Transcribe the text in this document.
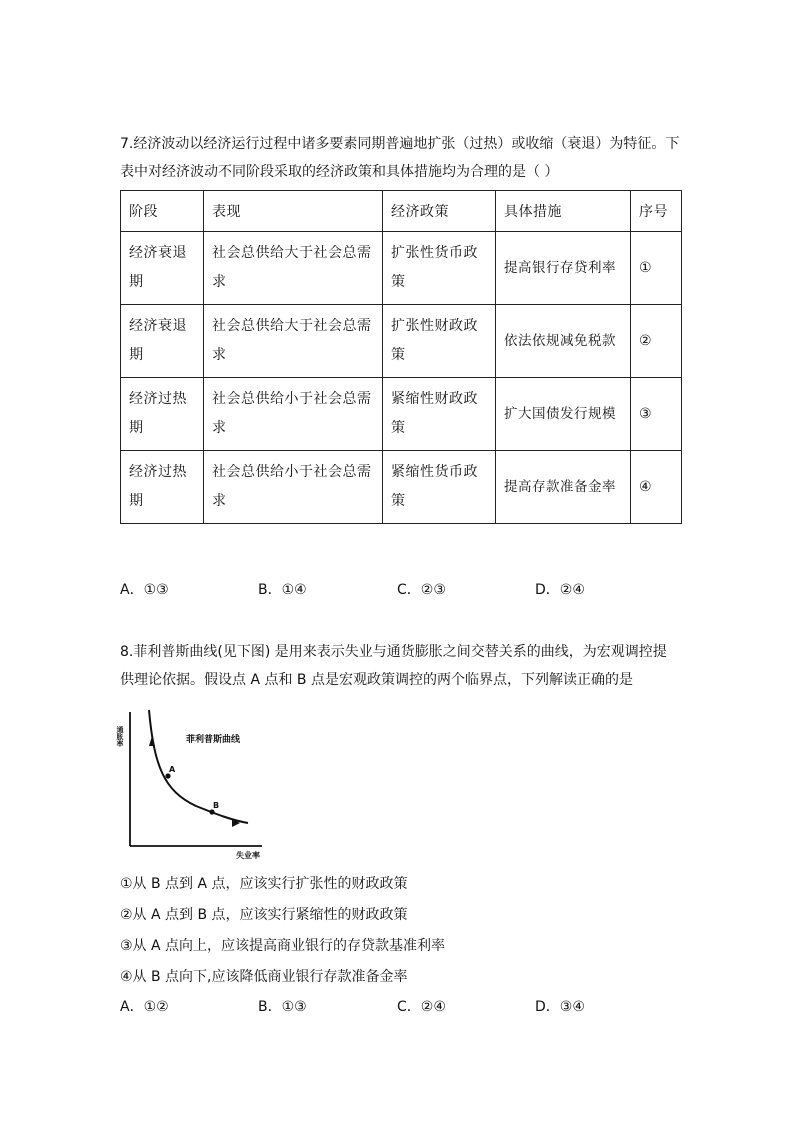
7.经济波动以经济运行过程中诸多要素同期普遍地扩张（过热）或收缩（衰退）为特征。下表中对经济波动不同阶段采取的经济政策和具体措施均为合理的是（ ）
阶段	表现	经济政策	具体措施	序号
经济衰退期	社会总供给大于社会总需求	扩张性货币政策	提高银行存贷利率	①
经济衰退期	社会总供给大于社会总需求	扩张性财政政策	依法依规减免税款	②
经济过热期	社会总供给小于社会总需求	紧缩性财政政策	扩大国债发行规模	③
经济过热期	社会总供给小于社会总需求	紧缩性货币政策	提高存款准备金率	④
A．①③	B．①④	C．②③	D．②④
8.菲利普斯曲线(见下图) 是用来表示失业与通货膨胀之间交替关系的曲线，为宏观调控提供理论依据。假设点 A 点和 B 点是宏观政策调控的两个临界点，下列解读正确的是
通胀率
失业率
菲利普斯曲线
A
B
①从 B 点到 A 点，应该实行扩张性的财政政策
②从 A 点到 B 点，应该实行紧缩性的财政政策
③从 A 点向上，应该提高商业银行的存贷款基准利率
④从 B 点向下,应该降低商业银行存款准备金率
A．①②	B．①③	C．②④	D．③④
